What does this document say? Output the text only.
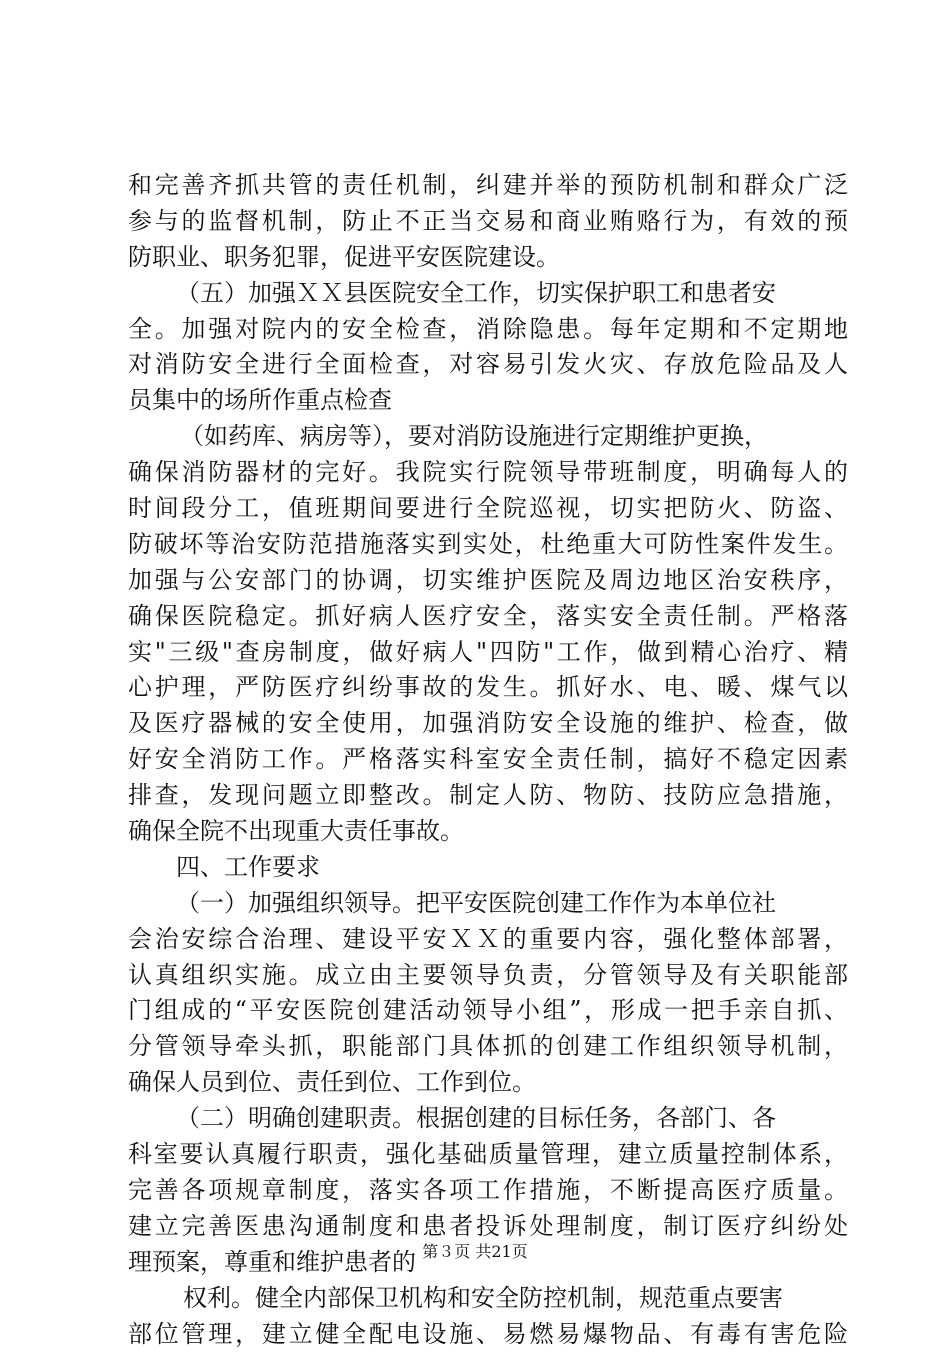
和完善齐抓共管的责任机制，纠建并举的预防机制和群众广泛
参与的监督机制，防止不正当交易和商业贿赂行为，有效的预
防职业、职务犯罪，促进平安医院建设。
（五）加强ＸＸ县医院安全工作，切实保护职工和患者安
全。加强对院内的安全检查，消除隐患。每年定期和不定期地
对消防安全进行全面检查，对容易引发火灾、存放危险品及人
员集中的场所作重点检查
（如药库、病房等），要对消防设施进行定期维护更换，
确保消防器材的完好。我院实行院领导带班制度，明确每人的
时间段分工，值班期间要进行全院巡视，切实把防火、防盗、
防破坏等治安防范措施落实到实处，杜绝重大可防性案件发生。
加强与公安部门的协调，切实维护医院及周边地区治安秩序，
确保医院稳定。抓好病人医疗安全，落实安全责任制。严格落
实"三级"查房制度，做好病人"四防"工作，做到精心治疗、精
心护理，严防医疗纠纷事故的发生。抓好水、电、暖、煤气以
及医疗器械的安全使用，加强消防安全设施的维护、检查，做
好安全消防工作。严格落实科室安全责任制，搞好不稳定因素
排查，发现问题立即整改。制定人防、物防、技防应急措施，
确保全院不出现重大责任事故。
四、工作要求
（一）加强组织领导。把平安医院创建工作作为本单位社
会治安综合治理、建设平安ＸＸ的重要内容，强化整体部署，
认真组织实施。成立由主要领导负责，分管领导及有关职能部
门组成的“平安医院创建活动领导小组”，形成一把手亲自抓、
分管领导牵头抓，职能部门具体抓的创建工作组织领导机制，
确保人员到位、责任到位、工作到位。
（二）明确创建职责。根据创建的目标任务，各部门、各
科室要认真履行职责，强化基础质量管理，建立质量控制体系，
完善各项规章制度，落实各项工作措施，不断提高医疗质量。
建立完善医患沟通制度和患者投诉处理制度，制订医疗纠纷处
理预案，尊重和维护患者的
权利。健全内部保卫机构和安全防控机制，规范重点要害
部位管理，建立健全配电设施、易燃易爆物品、有毒有害危险
第３页 共21页
